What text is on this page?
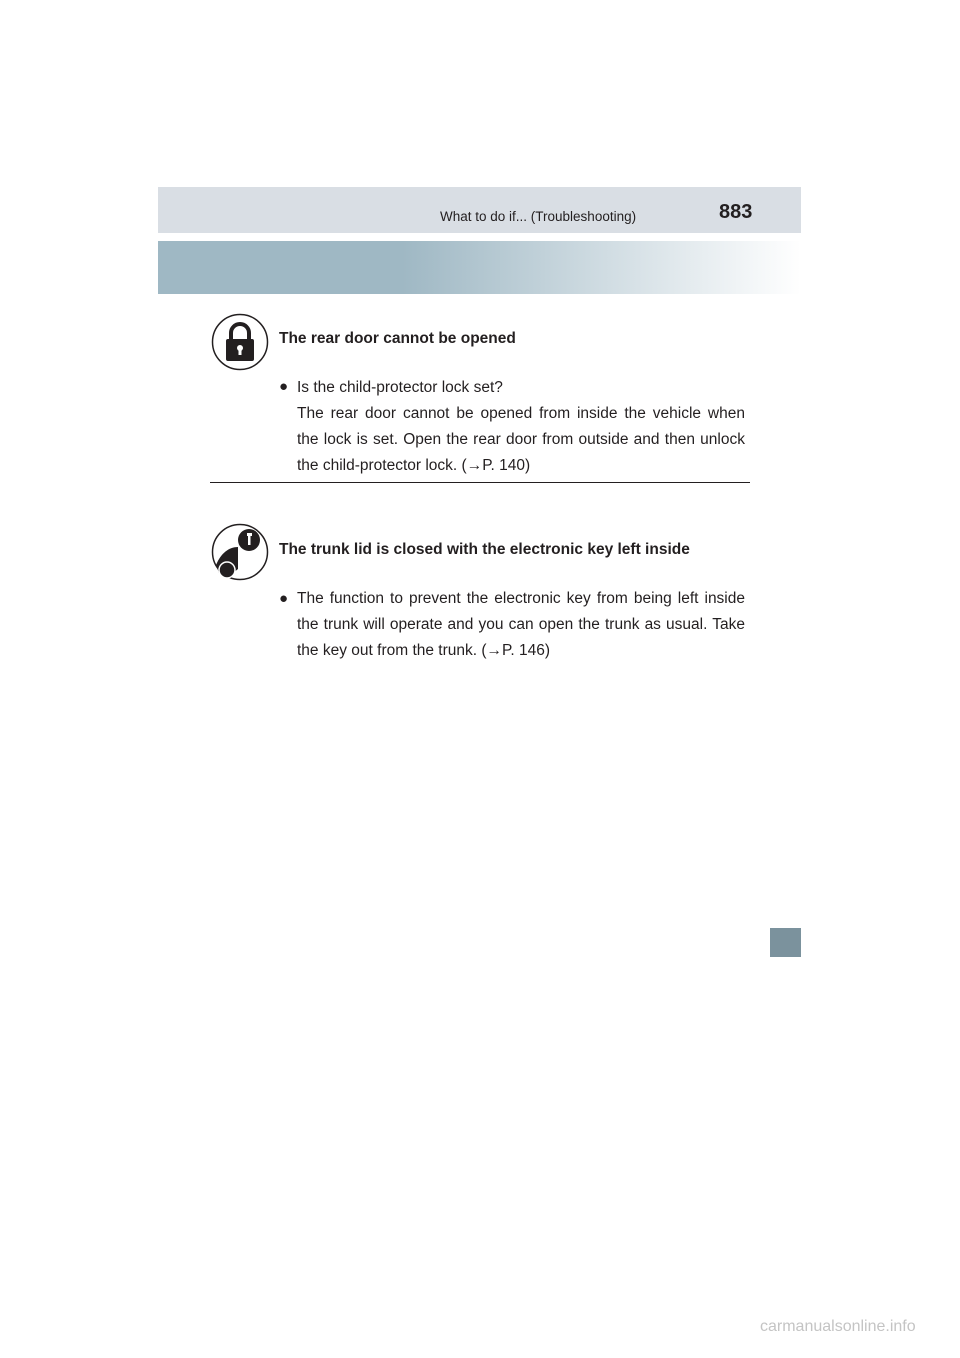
What to do if... (Troubleshooting)	883
The rear door cannot be opened
● Is the child-protector lock set?

The rear door cannot be opened from inside the vehicle when the lock is set. Open the rear door from outside and then unlock the child-protector lock. (→P. 140)

The trunk lid is closed with the electronic key left inside
● The function to prevent the electronic key from being left inside the trunk will operate and you can open the trunk as usual. Take the key out from the trunk. (→P. 146)

carmanualsonline.info
